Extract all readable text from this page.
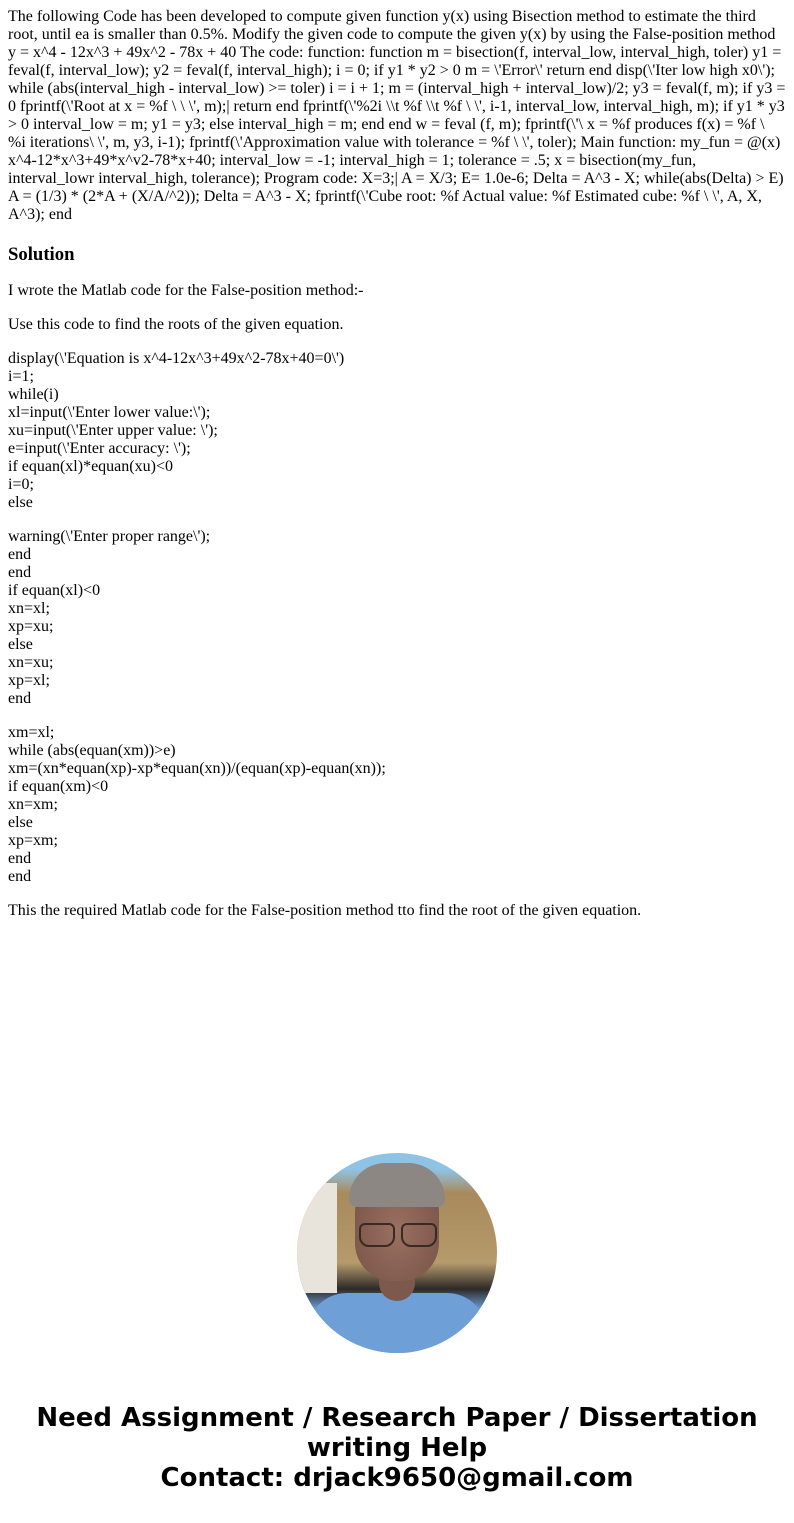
The following Code has been developed to compute given function y(x) using Bisection method to estimate the third root, until ea is smaller than 0.5%. Modify the given code to compute the given y(x) by using the False-position method y = x^4 - 12x^3 + 49x^2 - 78x + 40 The code: function: function m = bisection(f, interval_low, interval_high, toler) y1 = feval(f, interval_low); y2 = feval(f, interval_high); i = 0; if y1 * y2 > 0 m = \'Error\' return end disp(\'Iter low high x0\'); while (abs(interval_high - interval_low) >= toler) i = i + 1; m = (interval_high + interval_low)/2; y3 = feval(f, m); if y3 = 0 fprintf(\'Root at x = %f \ \ \', m);| return end fprintf(\'%2i \\t %f \\t %f \ \', i-1, interval_low, interval_high, m); if y1 * y3 > 0 interval_low = m; y1 = y3; else interval_high = m; end end w = feval (f, m); fprintf(\'\ x = %f produces f(x) = %f \ %i iterations\ \', m, y3, i-1); fprintf(\'Approximation value with tolerance = %f \ \', toler); Main function: my_fun = @(x) x^4-12*x^3+49*x^v2-78*x+40; interval_low = -1; interval_high = 1; tolerance = .5; x = bisection(my_fun, interval_lowr interval_high, tolerance); Program code: X=3;| A = X/3; E= 1.0e-6; Delta = A^3 - X; while(abs(Delta) > E) A = (1/3) * (2*A + (X/A/^2)); Delta = A^3 - X; fprintf(\'Cube root: %f Actual value: %f Estimated cube: %f \ \', A, X, A^3); end

Solution

I wrote the Matlab code for the False-position method:-

Use this code to find the roots of the given equation.

display(\'Equation is x^4-12x^3+49x^2-78x+40=0\')
i=1;
while(i)
xl=input(\'Enter lower value:\');
xu=input(\'Enter upper value: \');
e=input(\'Enter accuracy: \');
if equan(xl)*equan(xu)<0
i=0;
else
warning(\'Enter proper range\');
end
end
if equan(xl)<0
xn=xl;
xp=xu;
else
xn=xu;
xp=xl;
end
xm=xl;
while (abs(equan(xm))>e)
xm=(xn*equan(xp)-xp*equan(xn))/(equan(xp)-equan(xn));
if equan(xm)<0
xn=xm;
else
xp=xm;
end
end

This the required Matlab code for the False-position method tto find the root of the given equation.

Need Assignment / Research Paper / Dissertation
writing Help
Contact: drjack9650@gmail.com
